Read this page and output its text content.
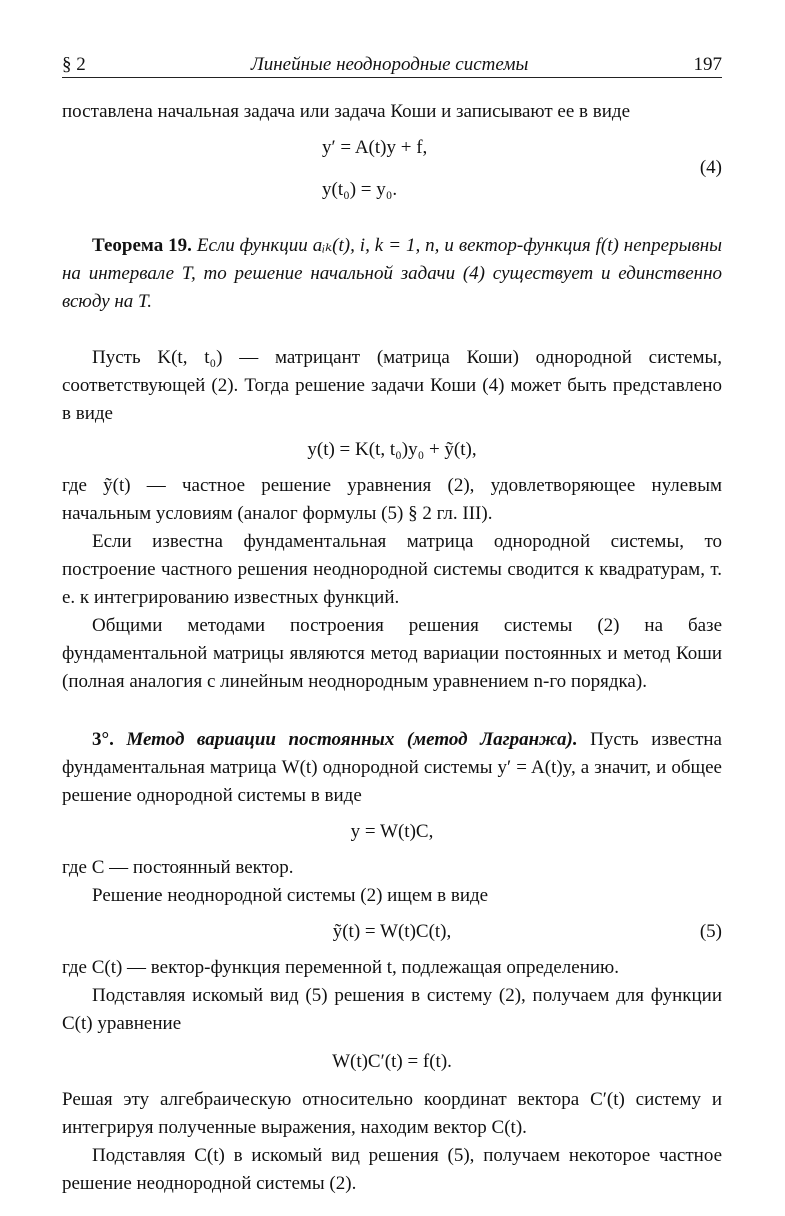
§ 2	Линейные неоднородные системы	197

поставлена начальная задача или задача Коши и записывают ее в виде

y′ = A(t)y + f,
y(t₀) = y₀.
(4)

Теорема 19. Если функции aᵢₖ(t), i, k = 1, n, и вектор-функция f(t) непрерывны на интервале T, то решение начальной задачи (4) существует и единственно всюду на T.

Пусть K(t, t₀) — матрицант (матрица Коши) однородной системы, соответствующей (2). Тогда решение задачи Коши (4) может быть представлено в виде

y(t) = K(t, t₀)y₀ + ỹ(t),

где ỹ(t) — частное решение уравнения (2), удовлетворяющее нулевым начальным условиям (аналог формулы (5) § 2 гл. III).

Если известна фундаментальная матрица однородной системы, то построение частного решения неоднородной системы сводится к квадратурам, т. е. к интегрированию известных функций.

Общими методами построения решения системы (2) на базе фундаментальной матрицы являются метод вариации постоянных и метод Коши (полная аналогия с линейным неоднородным уравнением n-го порядка).

3°. Метод вариации постоянных (метод Лагранжа). Пусть известна фундаментальная матрица W(t) однородной системы y′ = A(t)y, а значит, и общее решение однородной системы в виде

y = W(t)C,

где C — постоянный вектор.

Решение неоднородной системы (2) ищем в виде

ỹ(t) = W(t)C(t),	(5)

где C(t) — вектор-функция переменной t, подлежащая определению.

Подставляя искомый вид (5) решения в систему (2), получаем для функции C(t) уравнение

W(t)C′(t) = f(t).

Решая эту алгебраическую относительно координат вектора C′(t) систему и интегрируя полученные выражения, находим вектор C(t).

Подставляя C(t) в искомый вид решения (5), получаем некоторое частное решение неоднородной системы (2).
